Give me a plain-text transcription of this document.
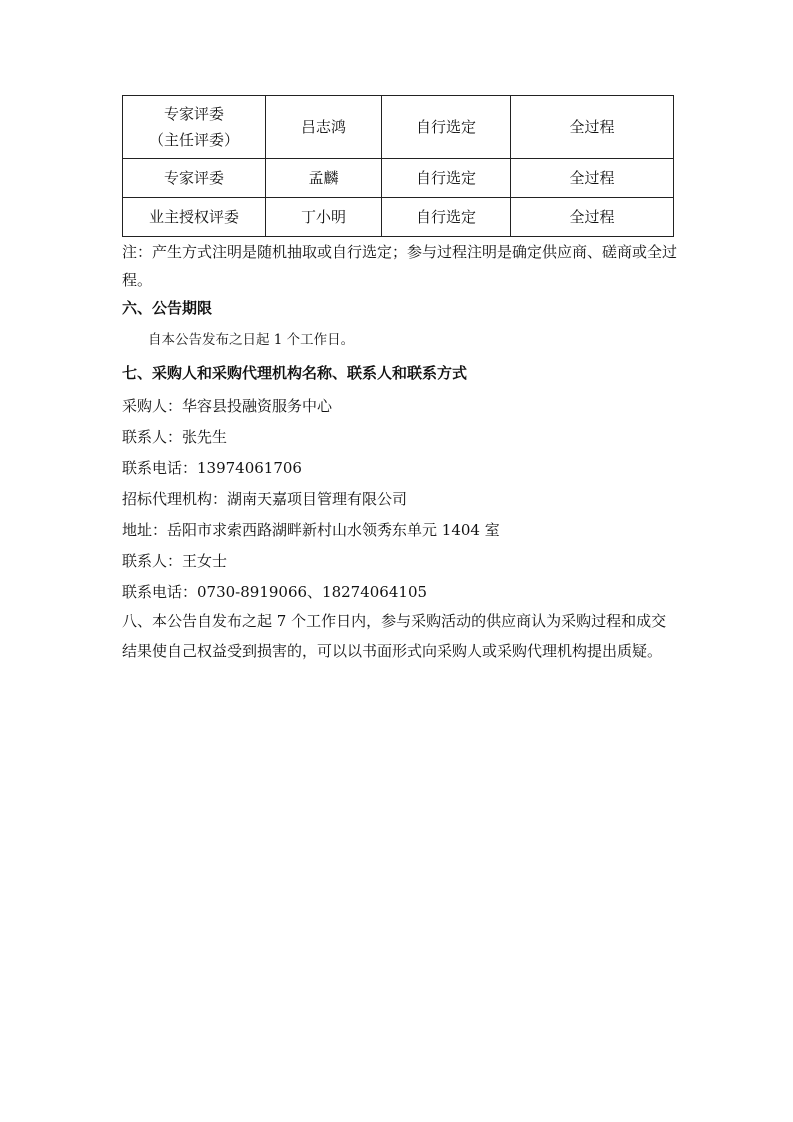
专家评委
（主任评委）	吕志鸿	自行选定	全过程
专家评委	孟麟	自行选定	全过程
业主授权评委	丁小明	自行选定	全过程
注：产生方式注明是随机抽取或自行选定；参与过程注明是确定供应商、磋商或全过程。
六、公告期限
自本公告发布之日起 1 个工作日。
七、采购人和采购代理机构名称、联系人和联系方式
采购人：华容县投融资服务中心
联系人：张先生
联系电话：13974061706
招标代理机构：湖南天嘉项目管理有限公司
地址：岳阳市求索西路湖畔新村山水领秀东单元 1404 室
联系人：王女士
联系电话：0730-8919066、18274064105
八、本公告自发布之起 7 个工作日内，参与采购活动的供应商认为采购过程和成交结果使自己权益受到损害的，可以以书面形式向采购人或采购代理机构提出质疑。
